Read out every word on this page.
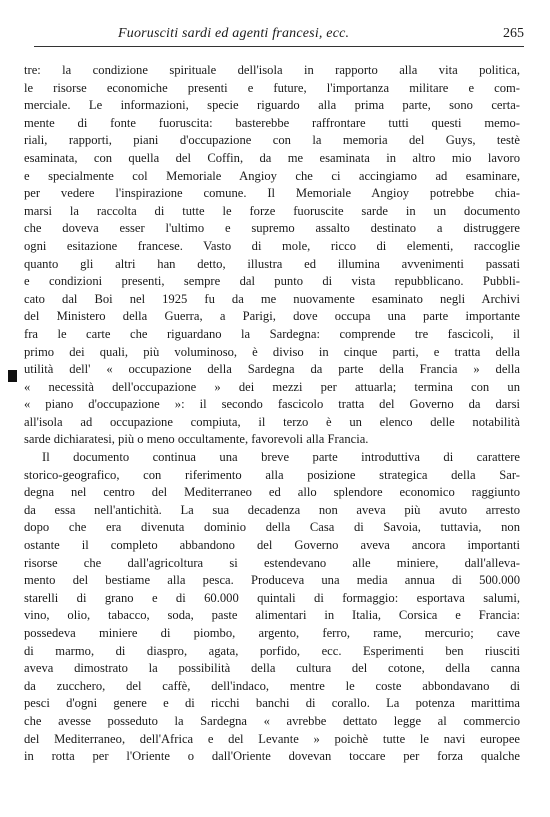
Fuorusciti sardi ed agenti francesi, ecc.	265
tre: la condizione spirituale dell'isola in rapporto alla vita politica,
le risorse economiche presenti e future, l'importanza militare e com-
merciale. Le informazioni, specie riguardo alla prima parte, sono certa-
mente di fonte fuoruscita: basterebbe raffrontare tutti questi memo-
riali, rapporti, piani d'occupazione con la memoria del Guys, testè
esaminata, con quella del Coffin, da me esaminata in altro mio lavoro
e specialmente col Memoriale Angioy che ci accingiamo ad esaminare,
per vedere l'inspirazione comune. Il Memoriale Angioy potrebbe chia-
marsi la raccolta di tutte le forze fuoruscite sarde in un documento
che doveva esser l'ultimo e supremo assalto destinato a distruggere
ogni esitazione francese. Vasto di mole, ricco di elementi, raccoglie
quanto gli altri han detto, illustra ed illumina avvenimenti passati
e condizioni presenti, sempre dal punto di vista repubblicano. Pubbli-
cato dal Boi nel 1925 fu da me nuovamente esaminato negli Archivi
del Ministero della Guerra, a Parigi, dove occupa una parte importante
fra le carte che riguardano la Sardegna: comprende tre fascicoli, il
primo dei quali, più voluminoso, è diviso in cinque parti, e tratta della
utilità dell' « occupazione della Sardegna da parte della Francia » della
« necessità dell'occupazione » dei mezzi per attuarla; termina con un
« piano d'occupazione »: il secondo fascicolo tratta del Governo da darsi
all'isola ad occupazione compiuta, il terzo è un elenco delle notabilità
sarde dichiaratesi, più o meno occultamente, favorevoli alla Francia.
Il documento continua una breve parte introduttiva di carattere
storico-geografico, con riferimento alla posizione strategica della Sar-
degna nel centro del Mediterraneo ed allo splendore economico raggiunto
da essa nell'antichità. La sua decadenza non aveva più avuto arresto
dopo che era divenuta dominio della Casa di Savoia, tuttavia, non
ostante il completo abbandono del Governo aveva ancora importanti
risorse che dall'agricoltura si estendevano alle miniere, dall'alleva-
mento del bestiame alla pesca. Produceva una media annua di 500.000
starelli di grano e di 60.000 quintali di formaggio: esportava salumi,
vino, olio, tabacco, soda, paste alimentari in Italia, Corsica e Francia:
possedeva miniere di piombo, argento, ferro, rame, mercurio; cave
di marmo, di diaspro, agata, porfido, ecc. Esperimenti ben riusciti
aveva dimostrato la possibilità della cultura del cotone, della canna
da zucchero, del caffè, dell'indaco, mentre le coste abbondavano di
pesci d'ogni genere e di ricchi banchi di corallo. La potenza marittima
che avesse posseduto la Sardegna « avrebbe dettato legge al commercio
del Mediterraneo, dell'Africa e del Levante » poichè tutte le navi europee
in rotta per l'Oriente o dall'Oriente dovevan toccare per forza qualche
